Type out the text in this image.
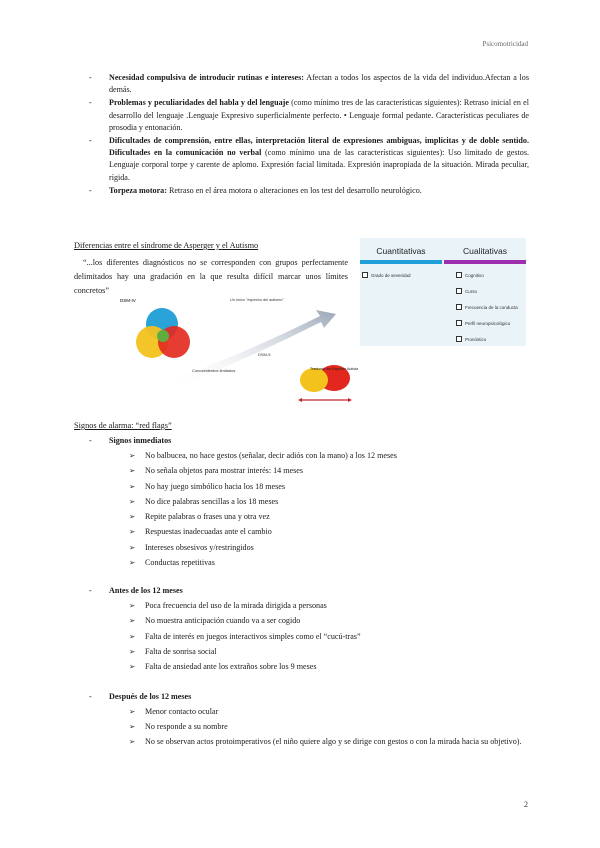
Psicomotricidad
- Necesidad compulsiva de introducir rutinas e intereses: Afectan a todos los aspectos de la vida del individuo.Afectan a los demás.
- Problemas y peculiaridades del habla y del lenguaje (como mínimo tres de las características siguientes): Retraso inicial en el desarrollo del lenguaje .Lenguaje Expresivo superficialmente perfecto. • Lenguaje formal pedante. Características peculiares de prosodia y entonación.
- Dificultades de comprensión, entre ellas, interpretación literal de expresiones ambiguas, implícitas y de doble sentido. Dificultades en la comunicación no verbal (como mínimo una de las características siguientes): Uso limitado de gestos. Lenguaje corporal torpe y carente de aplomo. Expresión facial limitada. Expresión inapropiada de la situación. Mirada peculiar, rígida.
- Torpeza motora: Retraso en el área motora o alteraciones en los test del desarrollo neurológico.
Diferencias entre el síndrome de Asperger y el Autismo
“...los diferentes diagnósticos no se corresponden con grupos perfectamente delimitados hay una gradación en la que resulta difícil marcar unos límites concretos”
DSM-IV	Un único "espectro del autismo"
Conocimientos limitados
DSM-5
Trastorno del Espectro Autista
Cuantitativas	Cualitativas
Grado de severidad	Cognitivo
Curso
Frecuencia de la conducta
Perfil neuropsicológico
Pronóstico
Signos de alarma: “red flags”
-	Signos inmediatos
➢ No balbucea, no hace gestos (señalar, decir adiós con la mano) a los 12 meses
➢ No señala objetos para mostrar interés: 14 meses
➢ No hay juego simbólico hacia los 18 meses
➢ No dice palabras sencillas a los 18 meses
➢ Repite palabras o frases una y otra vez
➢ Respuestas inadecuadas ante el cambio
➢ Intereses obsesivos y/restringidos
➢ Conductas repetitivas
-	Antes de los 12 meses
➢ Poca frecuencia del uso de la mirada dirigida a personas
➢ No muestra anticipación cuando va a ser cogido
➢ Falta de interés en juegos interactivos simples como el “cucú-tras”
➢ Falta de sonrisa social
➢ Falta de ansiedad ante los extraños sobre los 9 meses
-	Después de los 12 meses
➢ Menor contacto ocular
➢ No responde a su nombre
➢ No se observan actos protoimperativos (el niño quiere algo y se dirige con gestos o con la mirada hacia su objetivo).
2
